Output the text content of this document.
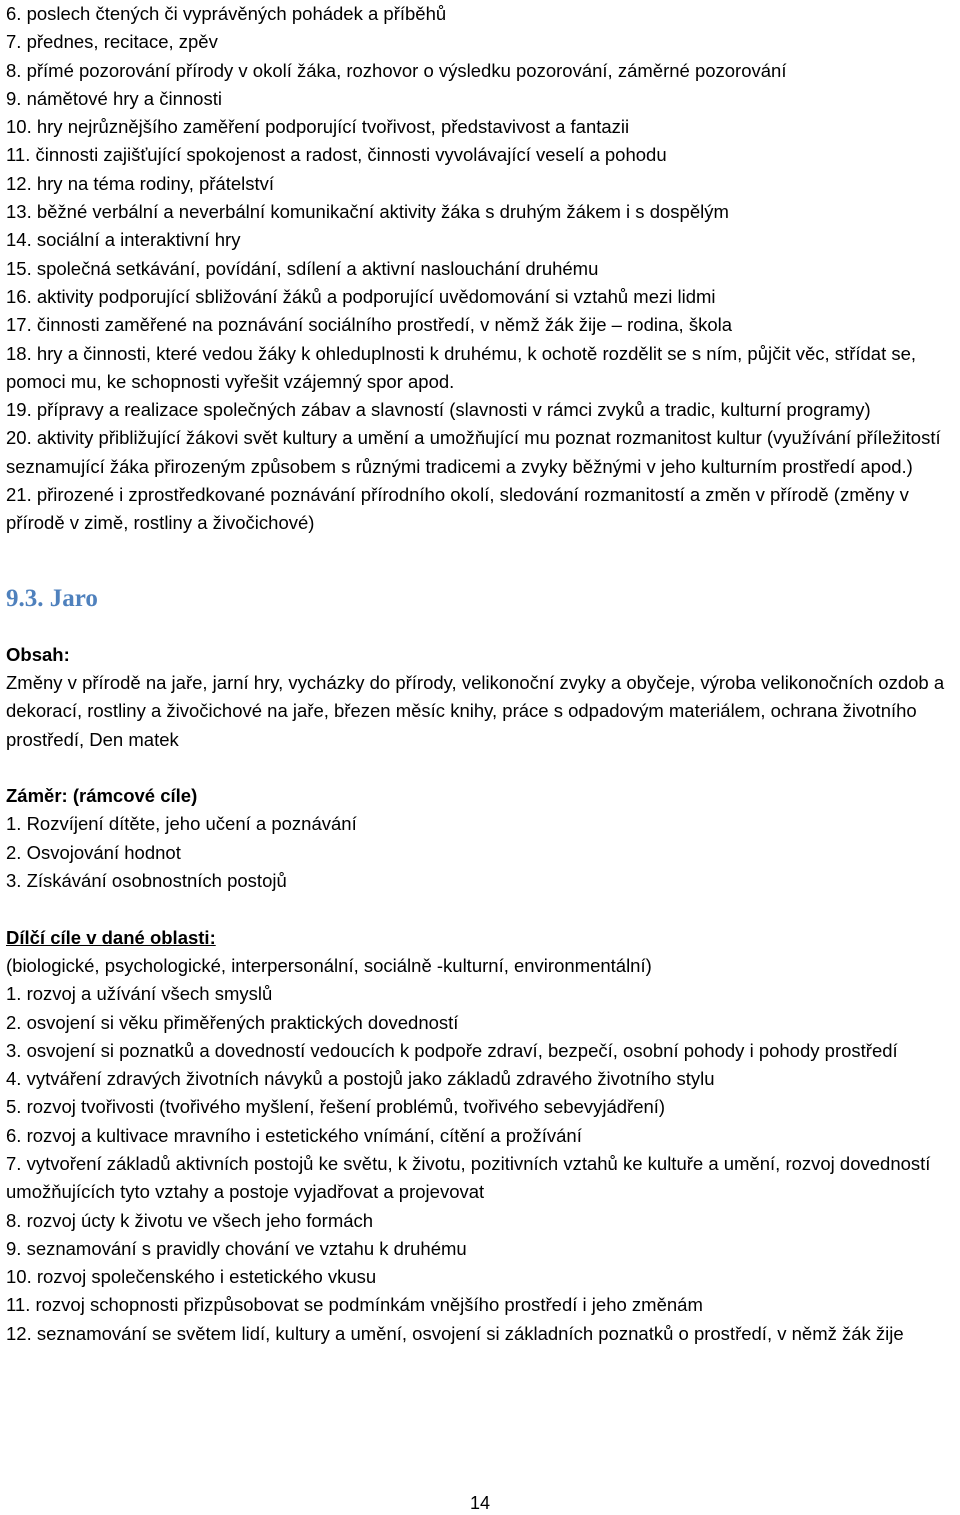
6. poslech čtených či vyprávěných pohádek a příběhů
7. přednes, recitace, zpěv
8. přímé pozorování přírody v okolí žáka, rozhovor o výsledku pozorování, záměrné pozorování
9. námětové hry a činnosti
10. hry nejrůznějšího zaměření podporující tvořivost, představivost a fantazii
11. činnosti zajišťující spokojenost a radost, činnosti vyvolávající veselí a pohodu
12. hry na téma rodiny, přátelství
13. běžné verbální a neverbální komunikační aktivity žáka s druhým žákem i s dospělým
14. sociální a interaktivní hry
15. společná setkávání, povídání, sdílení a aktivní naslouchání druhému
16. aktivity podporující sbližování žáků a podporující uvědomování si vztahů mezi lidmi
17. činnosti zaměřené na poznávání sociálního prostředí, v němž žák žije – rodina, škola
18. hry a činnosti, které vedou žáky k ohleduplnosti k druhému, k ochotě rozdělit se s ním, půjčit věc, střídat se, pomoci mu, ke schopnosti vyřešit vzájemný spor apod.
19. přípravy a realizace společných zábav a slavností (slavnosti v rámci zvyků a tradic, kulturní programy)
20. aktivity přibližující žákovi svět kultury a umění a umožňující mu poznat rozmanitost kultur (využívání příležitostí seznamující žáka přirozeným způsobem s různými tradicemi a zvyky běžnými v jeho kulturním prostředí apod.)
21. přirozené i zprostředkované poznávání přírodního okolí, sledování rozmanitostí a změn v přírodě (změny v přírodě v zimě, rostliny a živočichové)
9.3. Jaro
Obsah:
Změny v přírodě na jaře, jarní hry, vycházky do přírody, velikonoční zvyky a obyčeje, výroba velikonočních ozdob a dekorací, rostliny a živočichové na jaře, březen měsíc knihy, práce s odpadovým materiálem, ochrana životního prostředí, Den matek
Záměr: (rámcové cíle)
1. Rozvíjení dítěte, jeho učení a poznávání
2. Osvojování hodnot
3. Získávání osobnostních postojů
Dílčí cíle v dané oblasti:
(biologické, psychologické, interpersonální, sociálně -kulturní, environmentální)
1. rozvoj a užívání všech smyslů
2. osvojení si věku přiměřených praktických dovedností
3. osvojení si poznatků a dovedností vedoucích k podpoře zdraví, bezpečí, osobní pohody i pohody prostředí
4. vytváření zdravých životních návyků a postojů jako základů zdravého životního stylu
5. rozvoj tvořivosti (tvořivého myšlení, řešení problémů, tvořivého sebevyjádření)
6. rozvoj a kultivace mravního i estetického vnímání, cítění a prožívání
7. vytvoření základů aktivních postojů ke světu, k životu, pozitivních vztahů ke kultuře a umění, rozvoj dovedností umožňujících tyto vztahy a postoje vyjadřovat a projevovat
8. rozvoj úcty k životu ve všech jeho formách
9. seznamování s pravidly chování ve vztahu k druhému
10. rozvoj společenského i estetického vkusu
11. rozvoj schopnosti přizpůsobovat se podmínkám vnějšího prostředí i jeho změnám
12. seznamování se světem lidí, kultury a umění, osvojení si základních poznatků o prostředí, v němž žák žije
14
